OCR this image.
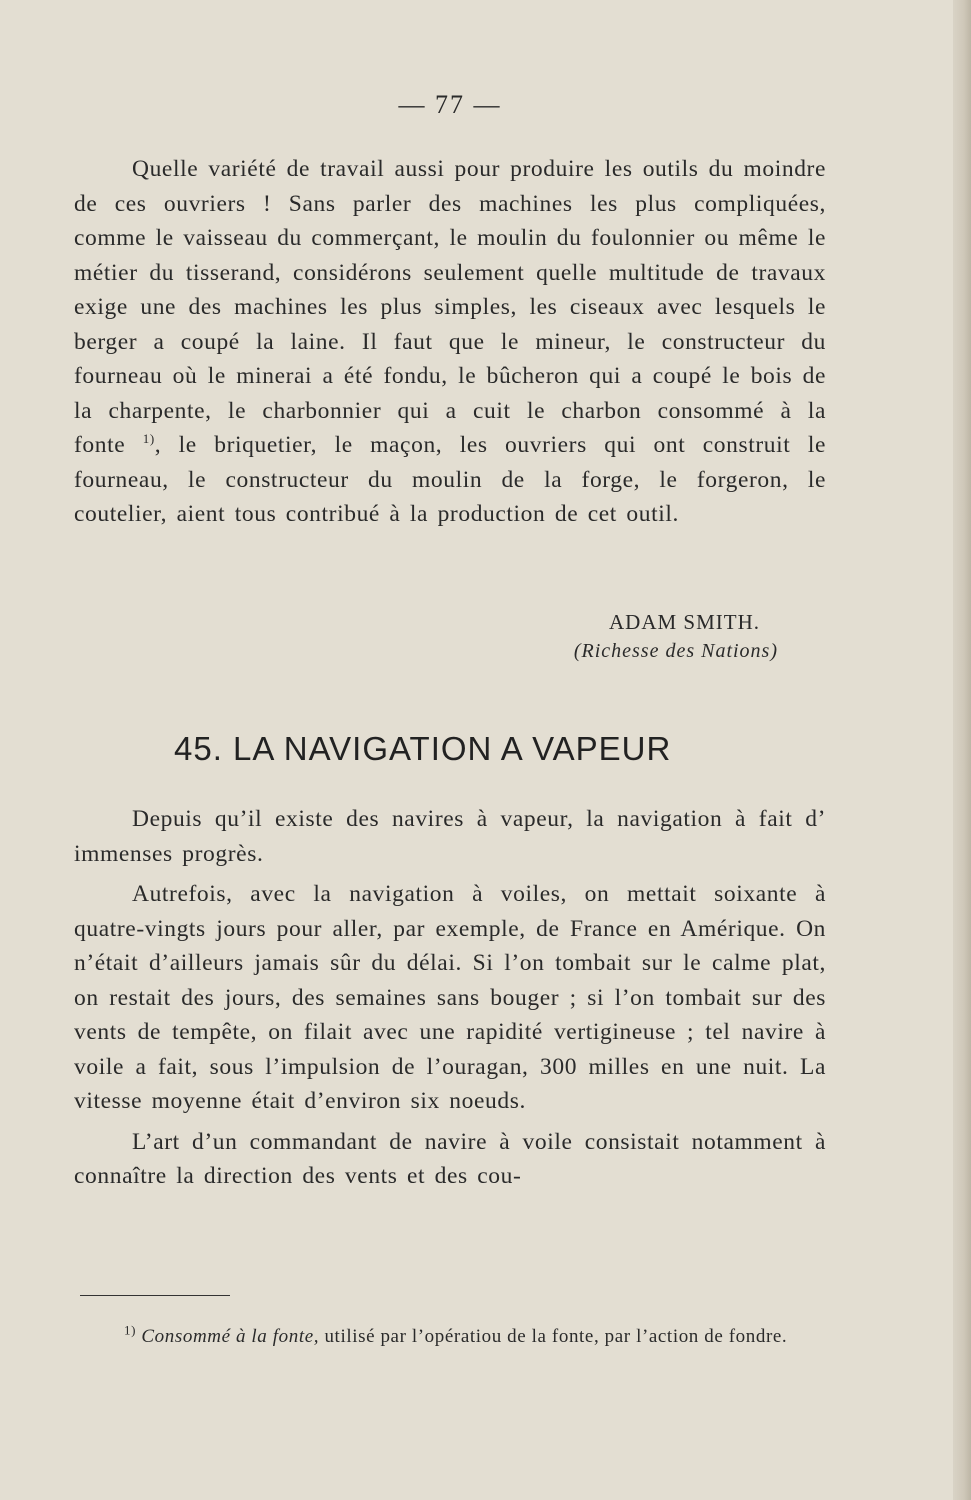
— 77 —

Quelle variété de travail aussi pour produire les outils du moindre de ces ouvriers ! Sans parler des machines les plus compliquées, comme le vaisseau du commerçant, le moulin du foulonnier ou même le métier du tisserand, considérons seulement quelle multitude de travaux exige une des machines les plus simples, les ciseaux avec lesquels le berger a coupé la laine. Il faut que le mineur, le constructeur du fourneau où le minerai a été fondu, le bûcheron qui a coupé le bois de la charpente, le charbonnier qui a cuit le charbon consommé à la fonte $^{1)}$, le briquetier, le maçon, les ouvriers qui ont construit le fourneau, le constructeur du moulin de la forge, le forgeron, le coutelier, aient tous contribué à la production de cet outil.

ADAM SMITH.
(Richesse des Nations)
45. LA NAVIGATION A VAPEUR

Depuis qu’il existe des navires à vapeur, la navigation à fait d’ immenses progrès.

Autrefois, avec la navigation à voiles, on mettait soixante à quatre-vingts jours pour aller, par exemple, de France en Amérique. On n’était d’ailleurs jamais sûr du délai. Si l’on tombait sur le calme plat, on restait des jours, des semaines sans bouger ; si l’on tombait sur des vents de tempête, on filait avec une rapidité vertigineuse ; tel navire à voile a fait, sous l’impulsion de l’ouragan, 300 milles en une nuit. La vitesse moyenne était d’environ six noeuds.

L’art d’un commandant de navire à voile consistait notamment à connaître la direction des vents et des cou-

$^{1)}$ Consommé à la fonte, utilisé par l’opératiou de la fonte, par l’action de fondre.
